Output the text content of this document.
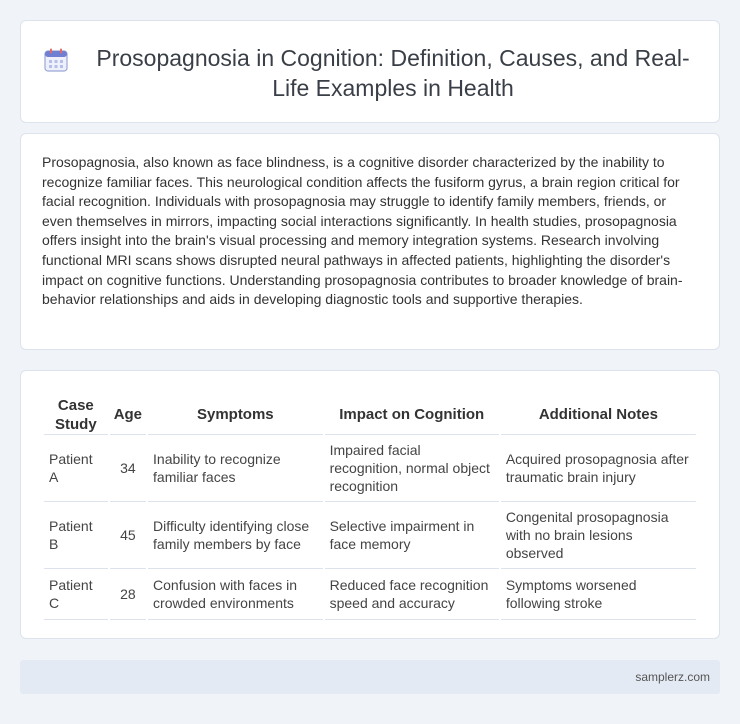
Prosopagnosia in Cognition: Definition, Causes, and Real-Life Examples in Health

Prosopagnosia, also known as face blindness, is a cognitive disorder characterized by the inability to recognize familiar faces. This neurological condition affects the fusiform gyrus, a brain region critical for facial recognition. Individuals with prosopagnosia may struggle to identify family members, friends, or even themselves in mirrors, impacting social interactions significantly. In health studies, prosopagnosia offers insight into the brain's visual processing and memory integration systems. Research involving functional MRI scans shows disrupted neural pathways in affected patients, highlighting the disorder's impact on cognitive functions. Understanding prosopagnosia contributes to broader knowledge of brain-behavior relationships and aids in developing diagnostic tools and supportive therapies.

Case Study	Age	Symptoms	Impact on Cognition	Additional Notes
Patient A	34	Inability to recognize familiar faces	Impaired facial recognition, normal object recognition	Acquired prosopagnosia after traumatic brain injury
Patient B	45	Difficulty identifying close family members by face	Selective impairment in face memory	Congenital prosopagnosia with no brain lesions observed
Patient C	28	Confusion with faces in crowded environments	Reduced face recognition speed and accuracy	Symptoms worsened following stroke
samplerz.com
